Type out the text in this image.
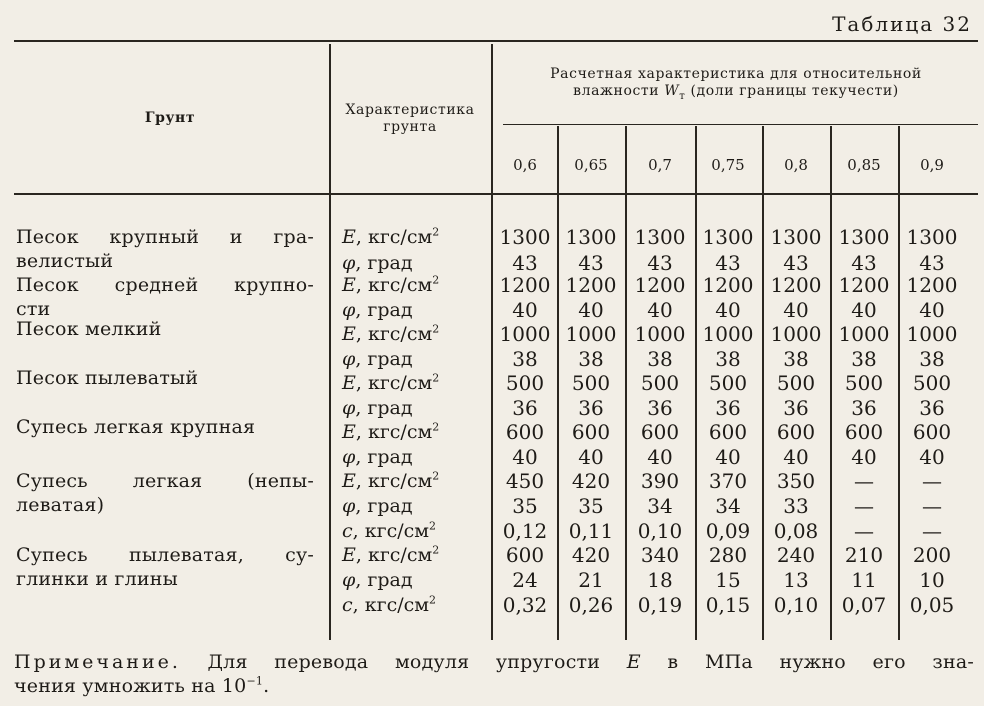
Таблица 32
Грунт	Характеристика
грунта
Расчетная характеристика для относительной
влажности $W_т$ (доли границы текучести)
0,6	0,65	0,7	0,75	0,8	0,85	0,9
Песок крупный и гра-
велистый
E, кгс/$см^2$	1300 1300 1300 1300 1300 1300 1300
φ, град	43	43	43	43	43	43	43
Песок средней крупно-
сти
E, кгс/$см^2$	1200 1200 1200 1200 1200 1200 1200
φ, град	40	40	40	40	40	40	40
Песок мелкий	E, кгс/$см^2$	1000 1000 1000 1000 1000 1000 1000
φ, град	38	38	38	38	38	38	38
Песок пылеватый	E, кгс/$см^2$	500	500	500	500	500	500	500
φ, град	36	36	36	36	36	36	36
Супесь легкая крупная	E, кгс/$см^2$	600	600	600	600	600	600	600
φ, град	40	40	40	40	40	40	40
Супесь легкая (непы-
леватая)
E, кгс/$см^2$	450	420	390	370	350	—	—
φ, град	35	35	34	34	33	—	—
c, кгс/$см^2$	0,12	0,11	0,10	0,09	0,08	—	—
Супесь пылеватая, су-
глинки и глины
E, кгс/$см^2$	600	420	340	280	240	210	200
φ, град	24	21	18	15	13	11	10
c, кгс/$см^2$	0,32	0,26	0,19	0,15	0,10	0,07	0,05
Примечание. Для перевода модуля упругости E в МПа нужно его зна-
чения умножить на $10^{-1}$.
